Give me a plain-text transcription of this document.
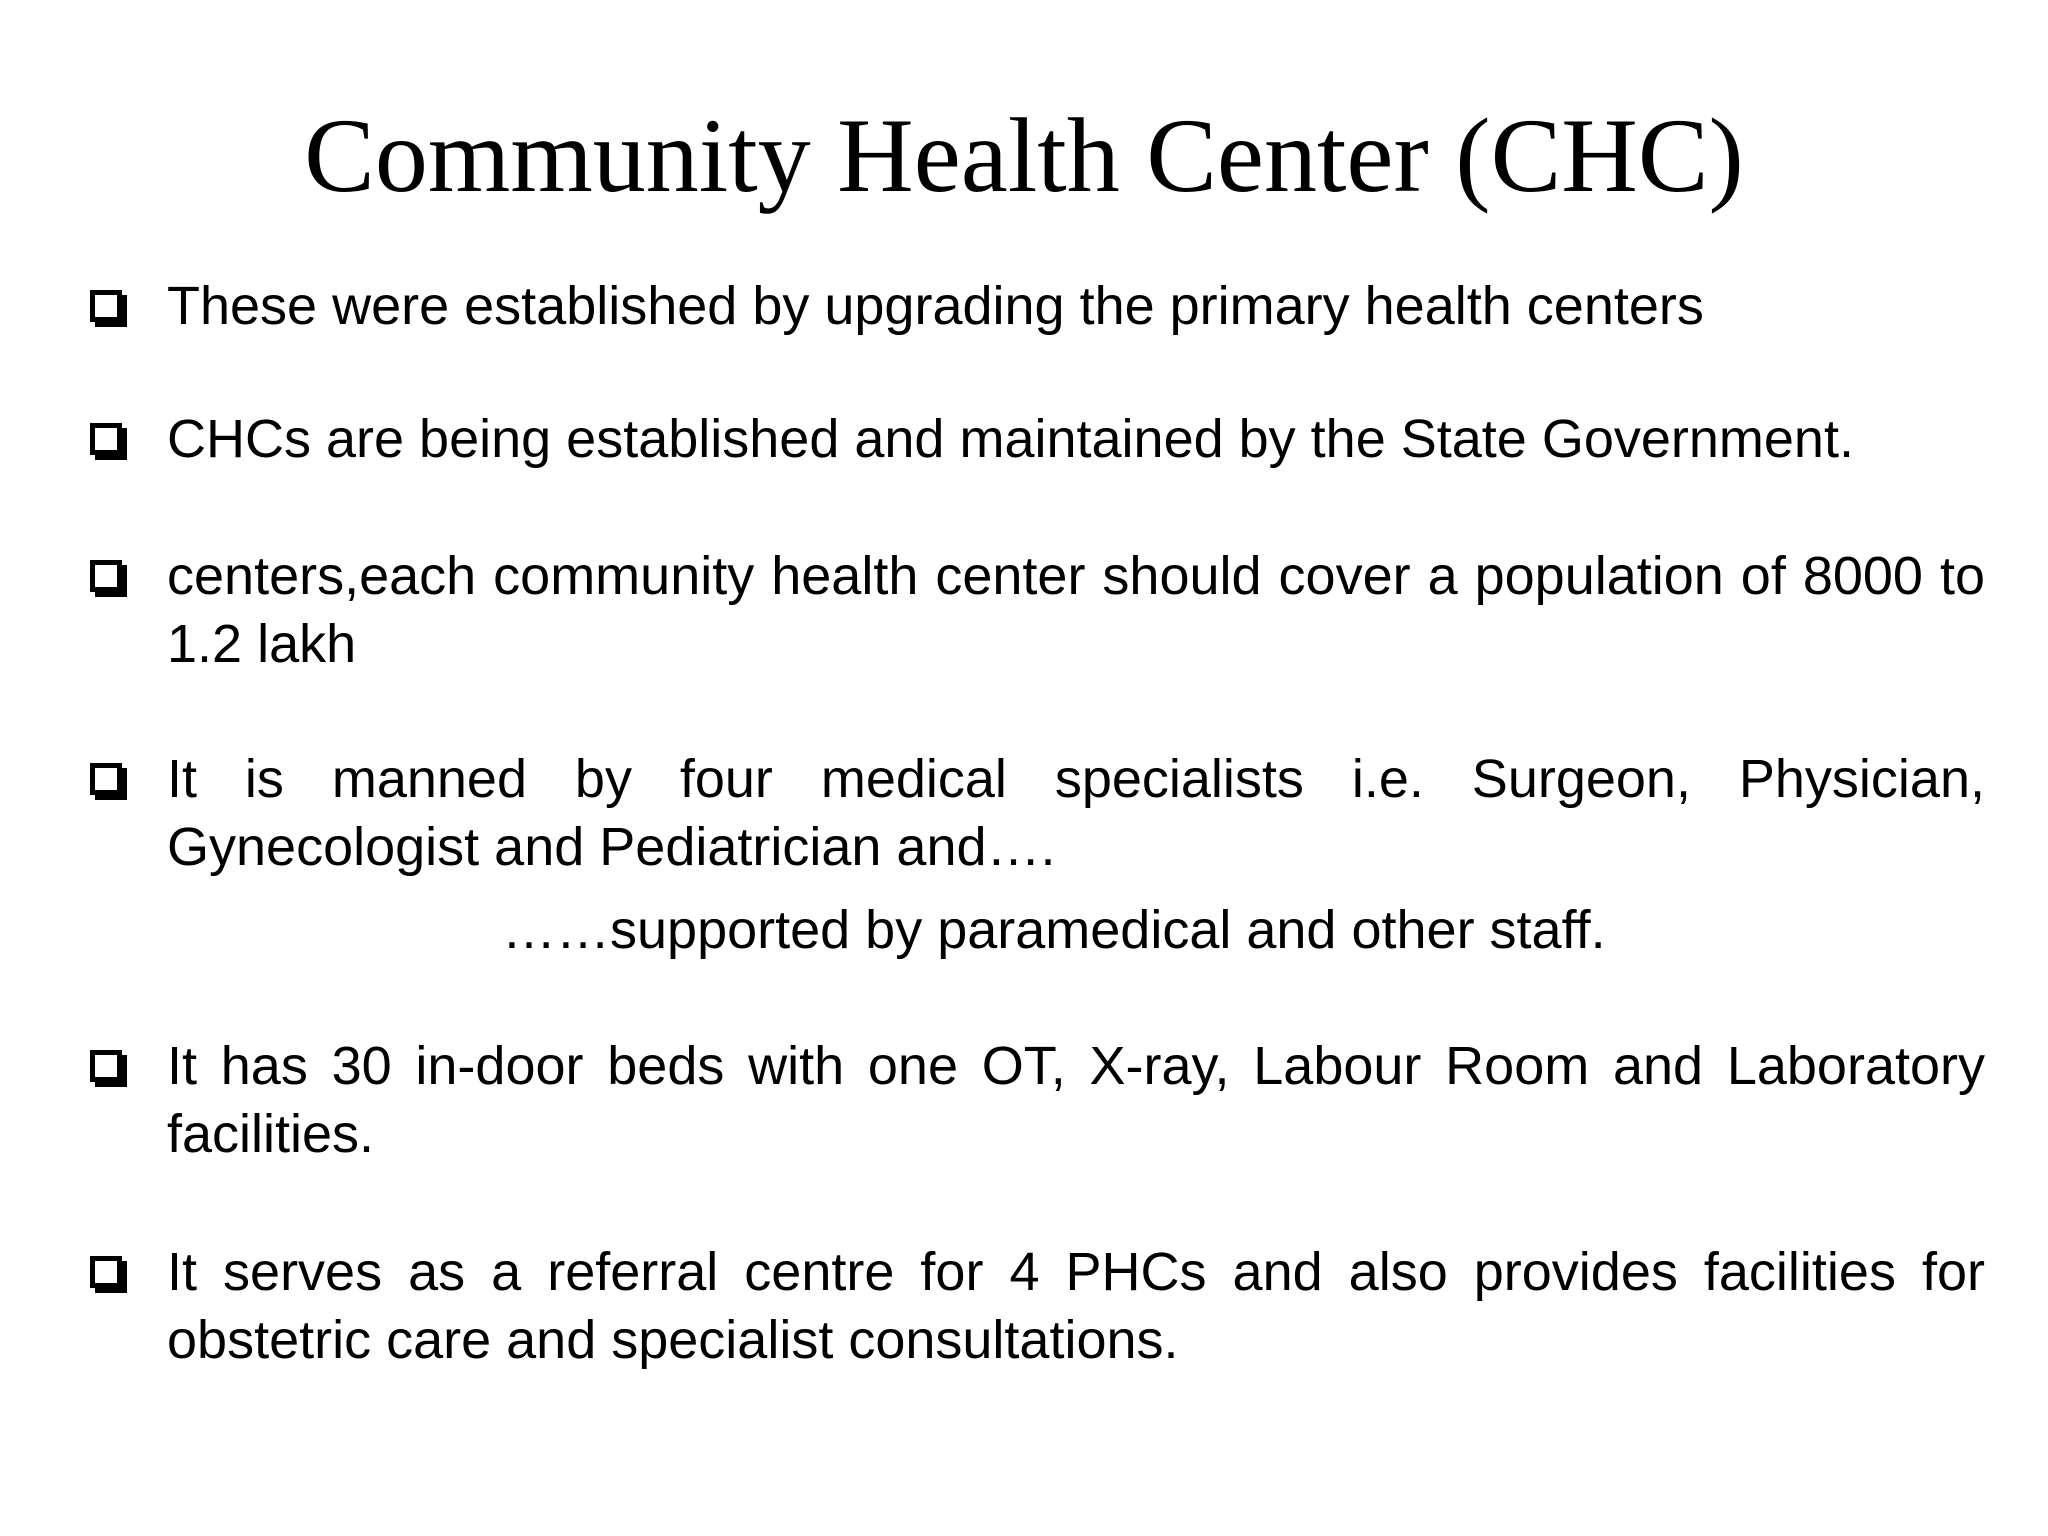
Community Health Center (CHC)
These were established by upgrading the primary health centers
CHCs are being established and maintained by the State Government.
centers,each community health center should cover a population of 8000 to 1.2 lakh
It is manned by four medical specialists i.e. Surgeon, Physician, Gynecologist and Pediatrician and….
……supported by paramedical and other staff.
It has 30 in-door beds with one OT, X-ray, Labour Room and Laboratory facilities.
It serves as a referral centre for 4 PHCs and also provides facilities for obstetric care and specialist consultations.
